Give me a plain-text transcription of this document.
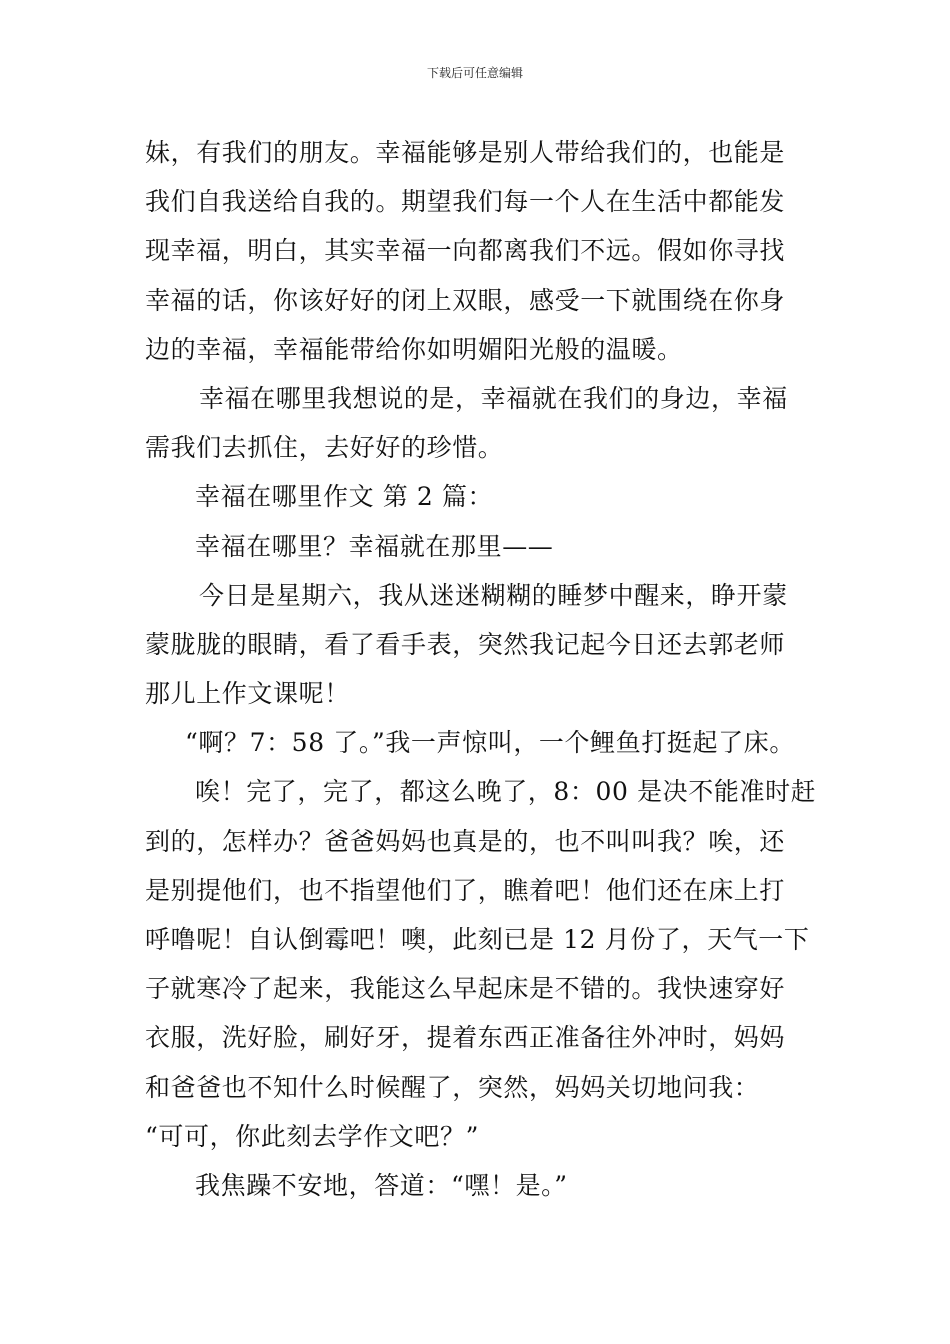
下载后可任意编辑
妹，有我们的朋友。幸福能够是别人带给我们的，也能是
我们自我送给自我的。期望我们每一个人在生活中都能发
现幸福，明白，其实幸福一向都离我们不远。假如你寻找
幸福的话，你该好好的闭上双眼，感受一下就围绕在你身
边的幸福，幸福能带给你如明媚阳光般的温暖。
幸福在哪里我想说的是，幸福就在我们的身边，幸福
需我们去抓住，去好好的珍惜。
幸福在哪里作文 第 2 篇：
幸福在哪里？幸福就在那里——
今日是星期六，我从迷迷糊糊的睡梦中醒来，睁开蒙
蒙胧胧的眼睛，看了看手表，突然我记起今日还去郭老师
那儿上作文课呢！
“啊？7：58 了。”我一声惊叫，一个鲤鱼打挺起了床。
唉！完了，完了，都这么晚了，8：00 是决不能准时赶
到的，怎样办？爸爸妈妈也真是的，也不叫叫我？唉，还
是别提他们，也不指望他们了，瞧着吧！他们还在床上打
呼噜呢！自认倒霉吧！噢，此刻已是 12 月份了，天气一下
子就寒冷了起来，我能这么早起床是不错的。我快速穿好
衣服，洗好脸，刷好牙，提着东西正准备往外冲时，妈妈
和爸爸也不知什么时候醒了，突然，妈妈关切地问我：
“可可，你此刻去学作文吧？”
我焦躁不安地，答道：“嘿！是。”
